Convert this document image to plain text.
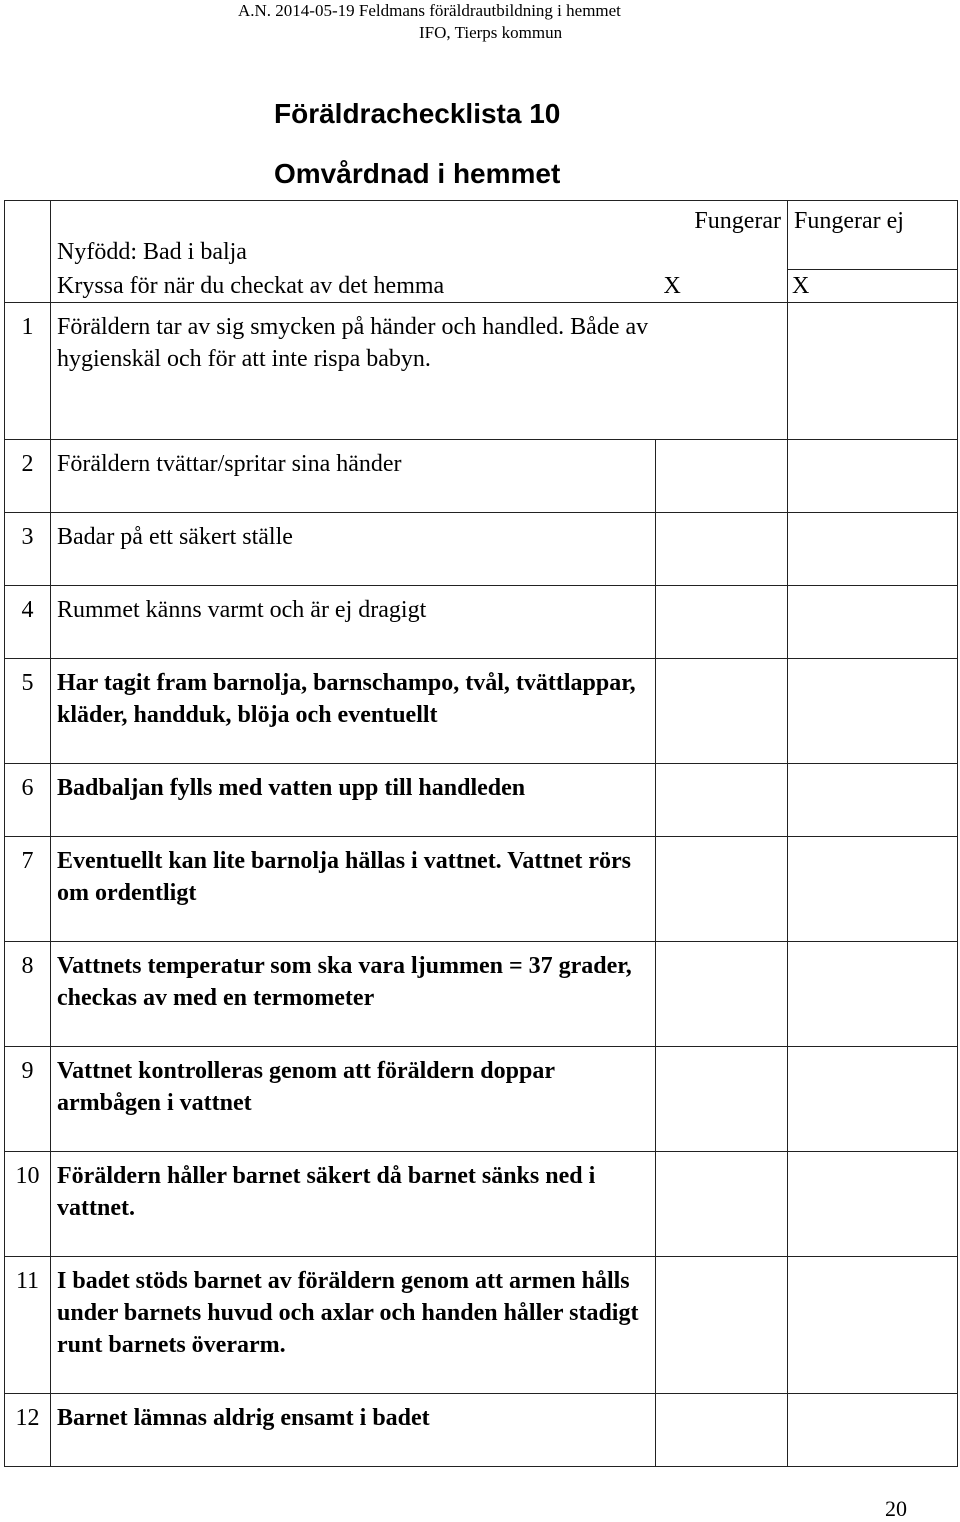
A.N. 2014-05-19 Feldmans föräldrautbildning i hemmet
IFO, Tierps kommun
Föräldrachecklista 10
Omvårdnad i hemmet
	Nyfödd: Bad i balja	Fungerar	Fungerar ej
	Kryssa för när du checkat av det hemma	X	X
1	Föräldern tar av sig smycken på händer och handled. Både av hygienskäl och för att inte rispa babyn.		
2	Föräldern tvättar/spritar sina händer		
3	Badar på ett säkert ställe		
4	Rummet känns varmt och är ej dragigt		
5	Har tagit fram barnolja, barnschampo, tvål, tvättlappar, kläder, handduk, blöja och eventuellt		
6	Badbaljan fylls med vatten upp till handleden		
7	Eventuellt kan lite barnolja hällas i vattnet. Vattnet rörs om ordentligt		
8	Vattnets temperatur som ska vara ljummen = 37 grader, checkas av med en termometer		
9	Vattnet kontrolleras genom att föräldern doppar armbågen i vattnet		
10	Föräldern håller barnet säkert då barnet sänks ned i vattnet.		
11	I badet stöds barnet av föräldern genom att armen hålls under barnets huvud och axlar och handen håller stadigt runt barnets överarm.		
12	Barnet lämnas aldrig ensamt i badet		
20
